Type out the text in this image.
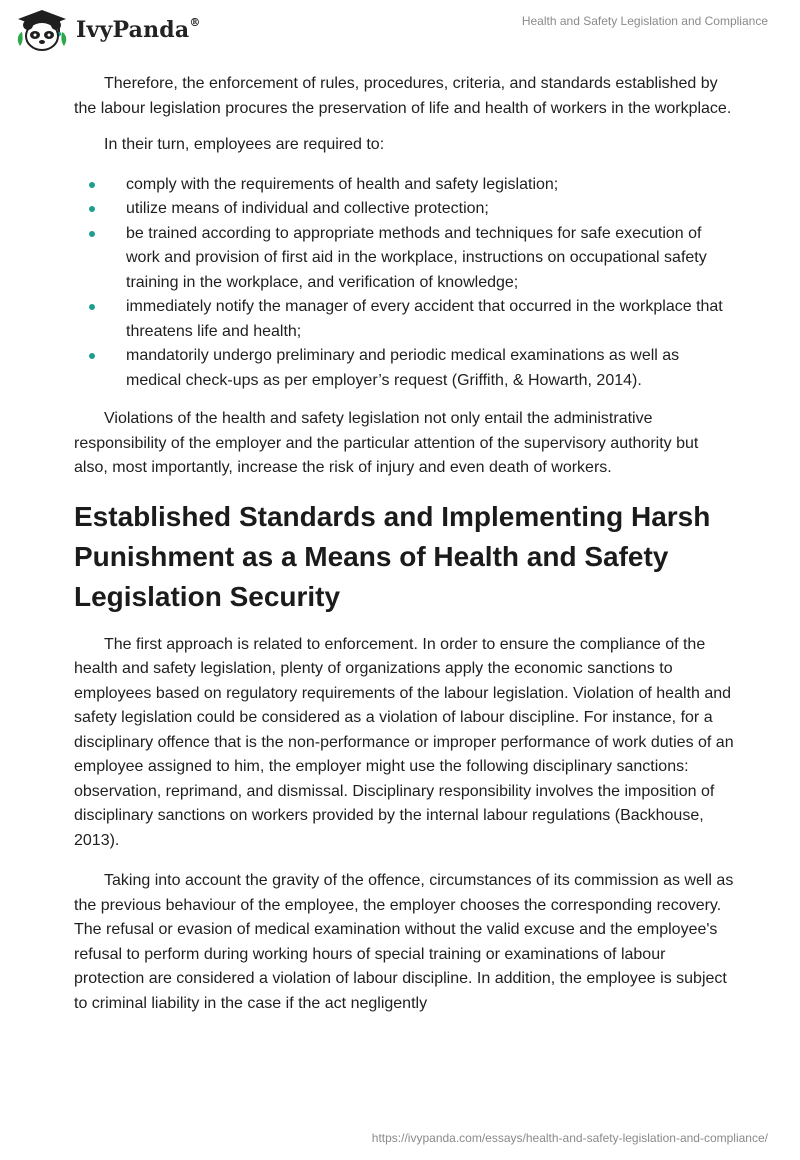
IvyPanda®	Health and Safety Legislation and Compliance

Therefore, the enforcement of rules, procedures, criteria, and standards established by the labour legislation procures the preservation of life and health of workers in the workplace.

In their turn, employees are required to:

comply with the requirements of health and safety legislation;
utilize means of individual and collective protection;
be trained according to appropriate methods and techniques for safe execution of work and provision of first aid in the workplace, instructions on occupational safety training in the workplace, and verification of knowledge;
immediately notify the manager of every accident that occurred in the workplace that threatens life and health;
mandatorily undergo preliminary and periodic medical examinations as well as medical check-ups as per employer’s request (Griffith, & Howarth, 2014).

Violations of the health and safety legislation not only entail the administrative responsibility of the employer and the particular attention of the supervisory authority but also, most importantly, increase the risk of injury and even death of workers.

Established Standards and Implementing Harsh Punishment as a Means of Health and Safety Legislation Security

The first approach is related to enforcement. In order to ensure the compliance of the health and safety legislation, plenty of organizations apply the economic sanctions to employees based on regulatory requirements of the labour legislation. Violation of health and safety legislation could be considered as a violation of labour discipline. For instance, for a disciplinary offence that is the non-performance or improper performance of work duties of an employee assigned to him, the employer might use the following disciplinary sanctions: observation, reprimand, and dismissal. Disciplinary responsibility involves the imposition of disciplinary sanctions on workers provided by the internal labour regulations (Backhouse, 2013).

Taking into account the gravity of the offence, circumstances of its commission as well as the previous behaviour of the employee, the employer chooses the corresponding recovery. The refusal or evasion of medical examination without the valid excuse and the employee's refusal to perform during working hours of special training or examinations of labour protection are considered a violation of labour discipline. In addition, the employee is subject to criminal liability in the case if the act negligently

https://ivypanda.com/essays/health-and-safety-legislation-and-compliance/
